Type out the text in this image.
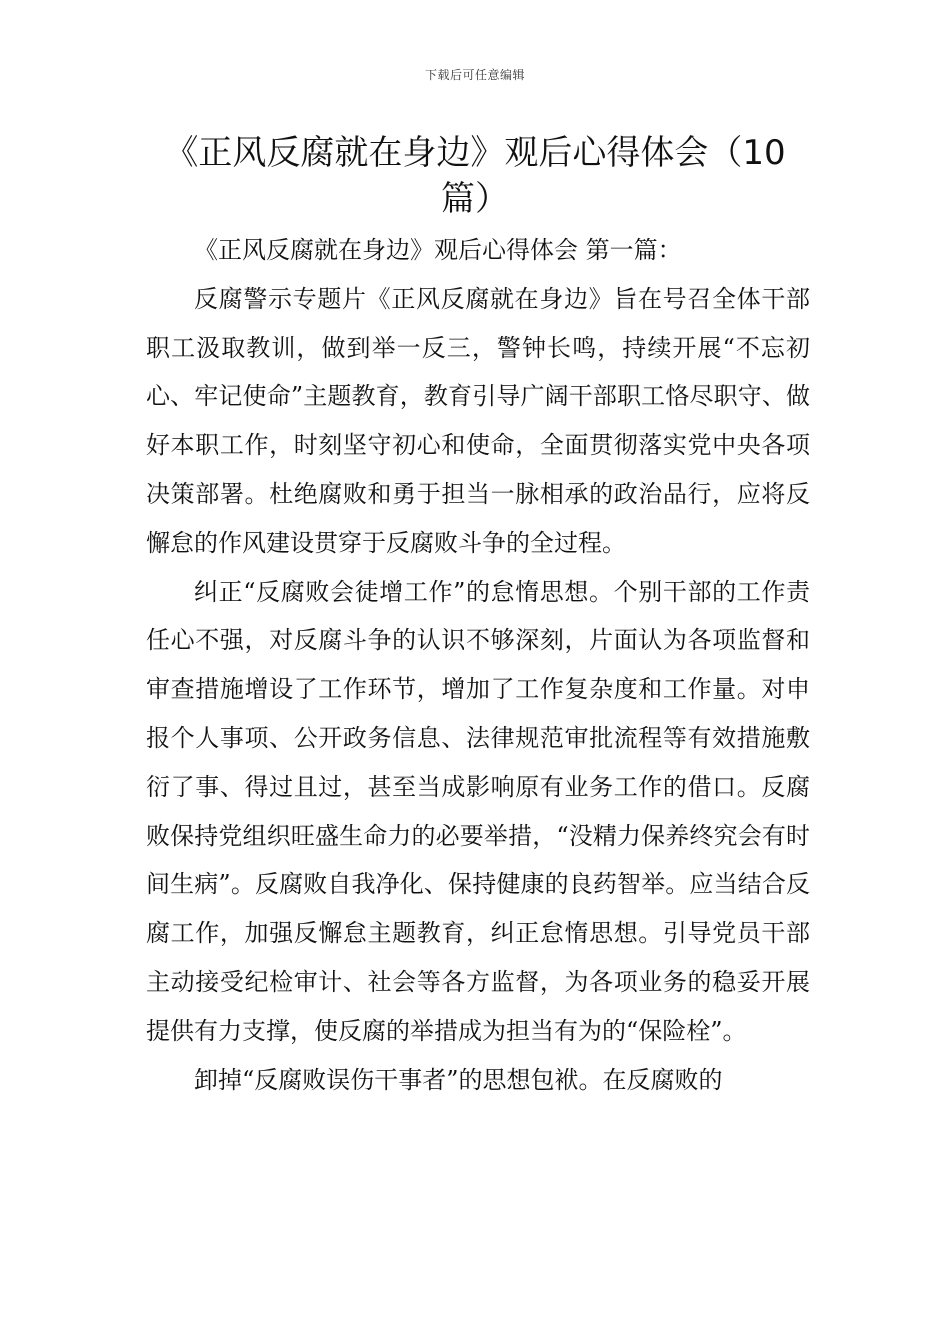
下载后可任意编辑
《正风反腐就在身边》观后心得体会（10篇）

《正风反腐就在身边》观后心得体会 第一篇：

反腐警示专题片《正风反腐就在身边》旨在号召全体干部职工汲取教训，做到举一反三，警钟长鸣，持续开展“不忘初心、牢记使命”主题教育，教育引导广阔干部职工恪尽职守、做好本职工作，时刻坚守初心和使命，全面贯彻落实党中央各项决策部署。杜绝腐败和勇于担当一脉相承的政治品行，应将反懈怠的作风建设贯穿于反腐败斗争的全过程。

纠正“反腐败会徒增工作”的怠惰思想。个别干部的工作责任心不强，对反腐斗争的认识不够深刻，片面认为各项监督和审查措施增设了工作环节，增加了工作复杂度和工作量。对申报个人事项、公开政务信息、法律规范审批流程等有效措施敷衍了事、得过且过，甚至当成影响原有业务工作的借口。反腐败保持党组织旺盛生命力的必要举措，“没精力保养终究会有时间生病”。反腐败自我净化、保持健康的良药智举。应当结合反腐工作，加强反懈怠主题教育，纠正怠惰思想。引导党员干部主动接受纪检审计、社会等各方监督，为各项业务的稳妥开展提供有力支撑，使反腐的举措成为担当有为的“保险栓”。

卸掉“反腐败误伤干事者”的思想包袱。在反腐败的
